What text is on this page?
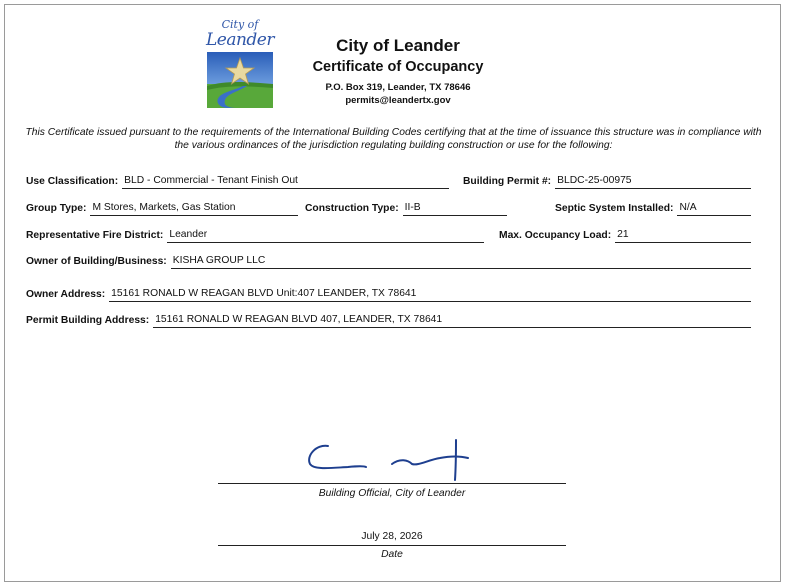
City of
Leander	City of Leander
Certificate of Occupancy
P.O. Box 319, Leander, TX 78646
permits@leandertx.gov
This Certificate issued pursuant to the requirements of the International Building Codes certifying that at the time of issuance this structure was in compliance with the various ordinances of the jurisdiction regulating building construction or use for the following:
Use Classification: BLD - Commercial - Tenant Finish Out	Building Permit #: BLDC-25-00975
Group Type: M Stores, Markets, Gas Station	Construction Type: II-B	Septic System Installed: N/A
Representative Fire District: Leander	Max. Occupancy Load: 21
Owner of Building/Business: KISHA GROUP LLC
Owner Address: 15161 RONALD W REAGAN BLVD Unit:407 LEANDER, TX 78641
Permit Building Address: 15161 RONALD W REAGAN BLVD 407, LEANDER, TX 78641
Building Official, City of Leander
July 28, 2026
Date
